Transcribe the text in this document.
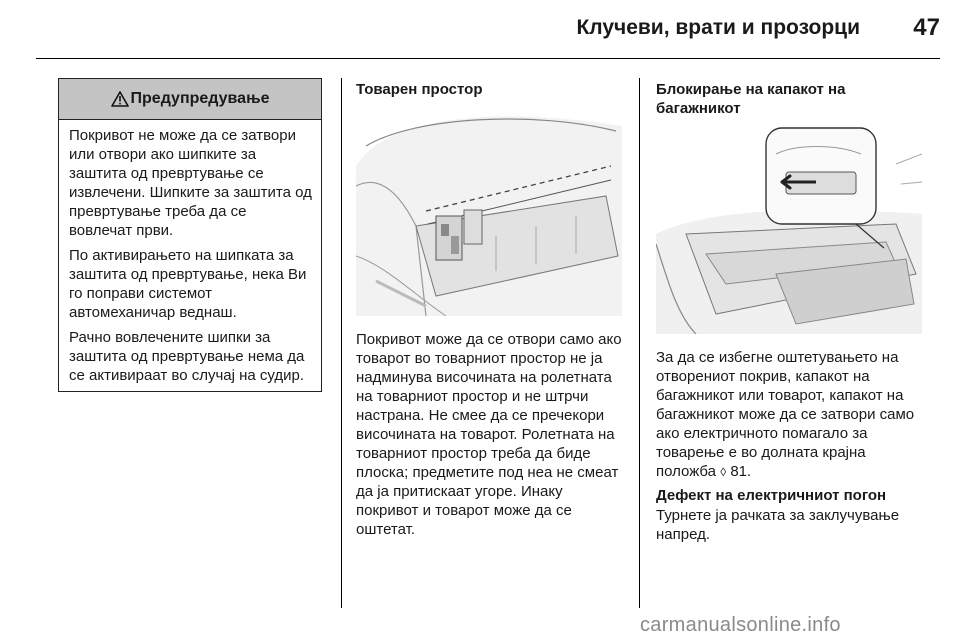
Клучеви, врати и прозорци	47
Предупредување

Покривот не може да се затвори или отвори ако шипките за заштита од превртување се извлечени. Шипките за заштита од превртување треба да се вовлечат први.

По активирањето на шипката за заштита од превртување, нека Ви го поправи системот автомеханичар веднаш.

Рачно вовлечените шипки за заштита од превртување нема да се активираат во случај на судир.

Товарен простор

Покривот може да се отвори само ако товарот во товарниот простор не ја надминува височината на ролетната на товарниот простор и не штрчи настрана. Не смее да се пречекори височината на товарот. Ролетната на товарниот простор треба да биде плоска; предметите под неа не смеат да ја притискаат угоре. Инаку покривот и товарот може да се оштетат.

Блокирање на капакот на багажникот

За да се избегне оштетувањето на отворениот покрив, капакот на багажникот или товарот, капакот на багажникот може да се затвори само ако електричното помагало за товарење е во долната крајна положба ◊ 81.

Дефект на електричниот погон

Турнете ја рачката за заклучување напред.

carmanualsonline.info
